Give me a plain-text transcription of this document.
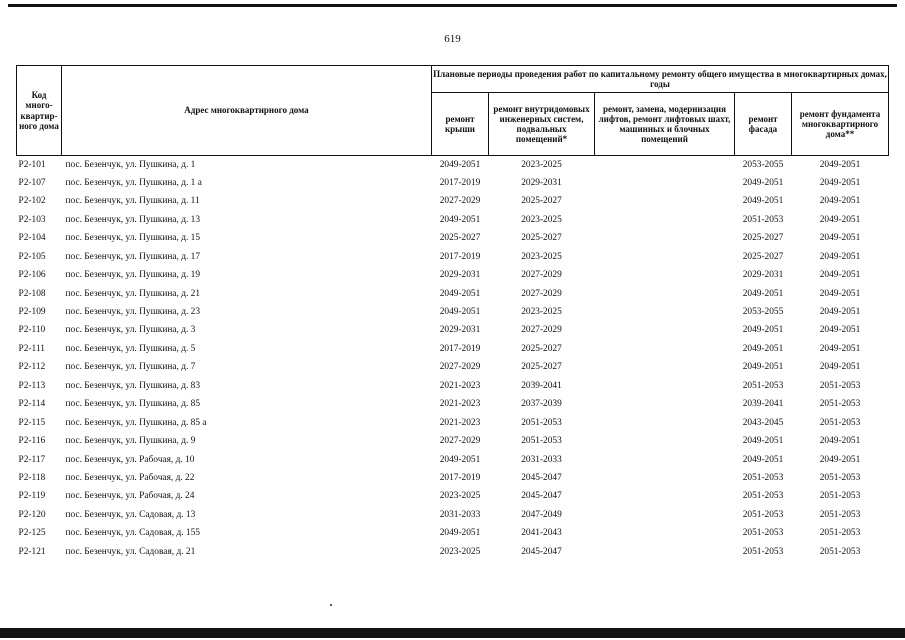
619
Код много-квартир-ного дома	Адрес многоквартирного дома	Плановые периоды проведения работ по капитальному ремонту общего имущества в многоквартирных домах, годы				
		ремонт крыши	ремонт внутридомовых инженерных систем, подвальных помещений*	ремонт, замена, модернизация лифтов, ремонт лифтовых шахт, машинных и блочных помещений	ремонт фасада	ремонт фундамента многоквартирного дома**
Р2-101	пос. Безенчук, ул. Пушкина, д. 1	2049-2051	2023-2025		2053-2055	2049-2051
Р2-107	пос. Безенчук, ул. Пушкина, д. 1 а	2017-2019	2029-2031		2049-2051	2049-2051
Р2-102	пос. Безенчук, ул. Пушкина, д. 11	2027-2029	2025-2027		2049-2051	2049-2051
Р2-103	пос. Безенчук, ул. Пушкина, д. 13	2049-2051	2023-2025		2051-2053	2049-2051
Р2-104	пос. Безенчук, ул. Пушкина, д. 15	2025-2027	2025-2027		2025-2027	2049-2051
Р2-105	пос. Безенчук, ул. Пушкина, д. 17	2017-2019	2023-2025		2025-2027	2049-2051
Р2-106	пос. Безенчук, ул. Пушкина, д. 19	2029-2031	2027-2029		2029-2031	2049-2051
Р2-108	пос. Безенчук, ул. Пушкина, д. 21	2049-2051	2027-2029		2049-2051	2049-2051
Р2-109	пос. Безенчук, ул. Пушкина, д. 23	2049-2051	2023-2025		2053-2055	2049-2051
Р2-110	пос. Безенчук, ул. Пушкина, д. 3	2029-2031	2027-2029		2049-2051	2049-2051
Р2-111	пос. Безенчук, ул. Пушкина, д. 5	2017-2019	2025-2027		2049-2051	2049-2051
Р2-112	пос. Безенчук, ул. Пушкина, д. 7	2027-2029	2025-2027		2049-2051	2049-2051
Р2-113	пос. Безенчук, ул. Пушкина, д. 83	2021-2023	2039-2041		2051-2053	2051-2053
Р2-114	пос. Безенчук, ул. Пушкина, д. 85	2021-2023	2037-2039		2039-2041	2051-2053
Р2-115	пос. Безенчук, ул. Пушкина, д. 85 а	2021-2023	2051-2053		2043-2045	2051-2053
Р2-116	пос. Безенчук, ул. Пушкина, д. 9	2027-2029	2051-2053		2049-2051	2049-2051
Р2-117	пос. Безенчук, ул. Рабочая, д. 10	2049-2051	2031-2033		2049-2051	2049-2051
Р2-118	пос. Безенчук, ул. Рабочая, д. 22	2017-2019	2045-2047		2051-2053	2051-2053
Р2-119	пос. Безенчук, ул. Рабочая, д. 24	2023-2025	2045-2047		2051-2053	2051-2053
Р2-120	пос. Безенчук, ул. Садовая, д. 13	2031-2033	2047-2049		2051-2053	2051-2053
Р2-125	пос. Безенчук, ул. Садовая, д. 155	2049-2051	2041-2043		2051-2053	2051-2053
Р2-121	пос. Безенчук, ул. Садовая, д. 21	2023-2025	2045-2047		2051-2053	2051-2053
